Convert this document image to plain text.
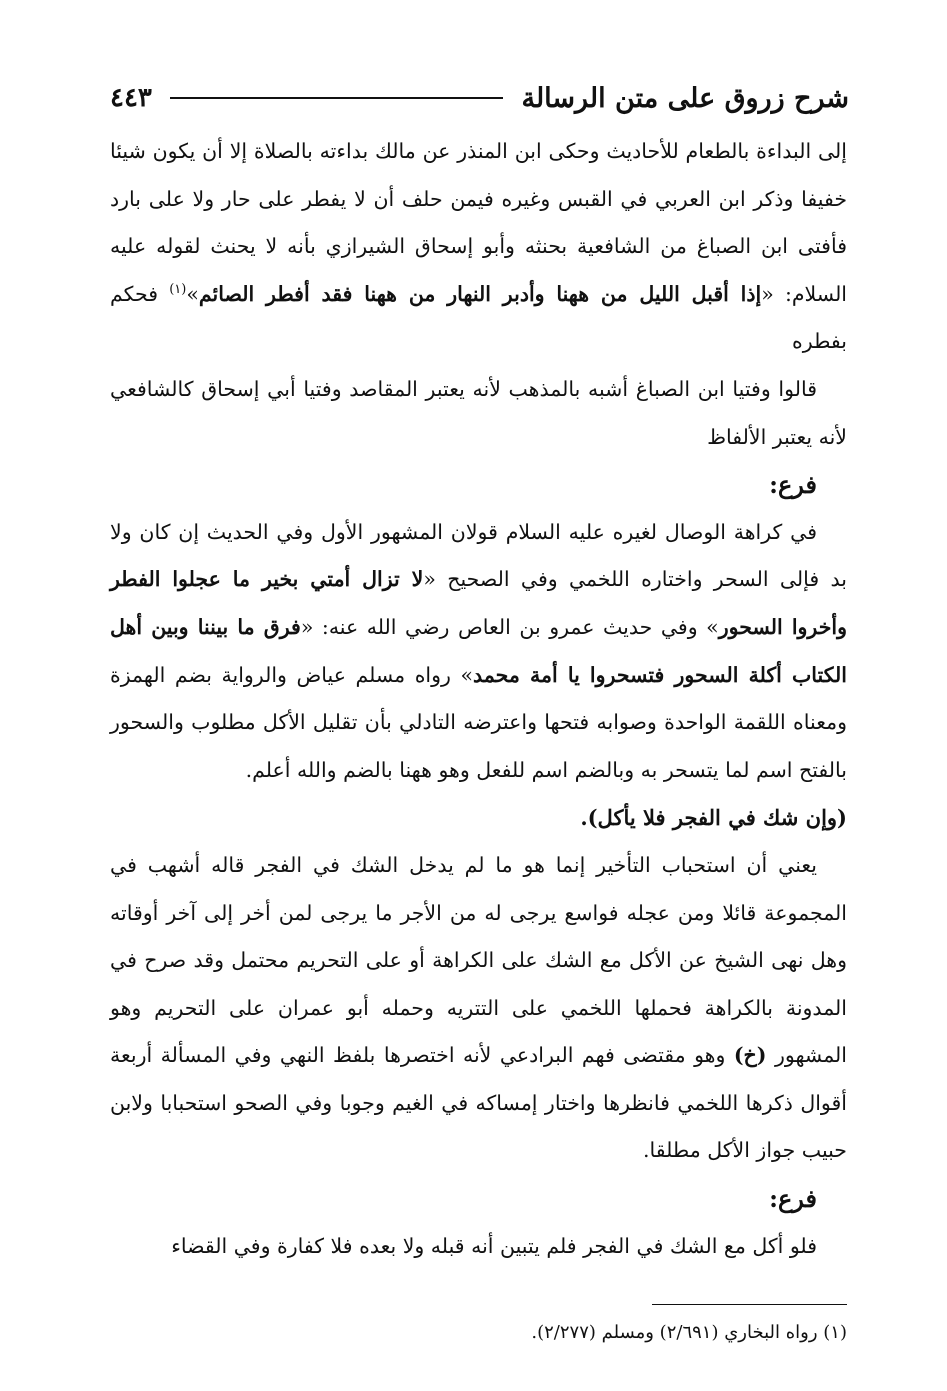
شرح زروق على متن الرسالة
٤٤٣

إلى البداءة بالطعام للأحاديث وحكى ابن المنذر عن مالك بداءته بالصلاة إلا أن يكون شيئا خفيفا وذكر ابن العربي في القبس وغيره فيمن حلف أن لا يفطر على حار ولا على بارد فأفتى ابن الصباغ من الشافعية بحنثه وأبو إسحاق الشيرازي بأنه لا يحنث لقوله عليه السلام: «إذا أقبل الليل من ههنا وأدبر النهار من ههنا فقد أفطر الصائم»$^{(١)}$ فحكم بفطره

قالوا وفتيا ابن الصباغ أشبه بالمذهب لأنه يعتبر المقاصد وفتيا أبي إسحاق كالشافعي لأنه يعتبر الألفاظ

فرع:

في كراهة الوصال لغيره عليه السلام قولان المشهور الأول وفي الحديث إن كان ولا بد فإلى السحر واختاره اللخمي وفي الصحيح «لا تزال أمتي بخير ما عجلوا الفطر وأخروا السحور» وفي حديث عمرو بن العاص رضي الله عنه: «فرق ما بيننا وبين أهل الكتاب أكلة السحور فتسحروا يا أمة محمد» رواه مسلم عياض والرواية بضم الهمزة ومعناه اللقمة الواحدة وصوابه فتحها واعترضه التادلي بأن تقليل الأكل مطلوب والسحور بالفتح اسم لما يتسحر به وبالضم اسم للفعل وهو ههنا بالضم والله أعلم.

(وإن شك في الفجر فلا يأكل).

يعني أن استحباب التأخير إنما هو ما لم يدخل الشك في الفجر قاله أشهب في المجموعة قائلا ومن عجله فواسع يرجى له من الأجر ما يرجى لمن أخر إلى آخر أوقاته وهل نهى الشيخ عن الأكل مع الشك على الكراهة أو على التحريم محتمل وقد صرح في المدونة بالكراهة فحملها اللخمي على التتريه وحمله أبو عمران على التحريم وهو المشهور (خ) وهو مقتضى فهم البرادعي لأنه اختصرها بلفظ النهي وفي المسألة أربعة أقوال ذكرها اللخمي فانظرها واختار إمساكه في الغيم وجوبا وفي الصحو استحبابا ولابن حبيب جواز الأكل مطلقا.

فرع:

فلو أكل مع الشك في الفجر فلم يتبين أنه قبله ولا بعده فلا كفارة وفي القضاء

(١) رواه البخاري (٢/٦٩١) ومسلم (٢/٢٧٧).
